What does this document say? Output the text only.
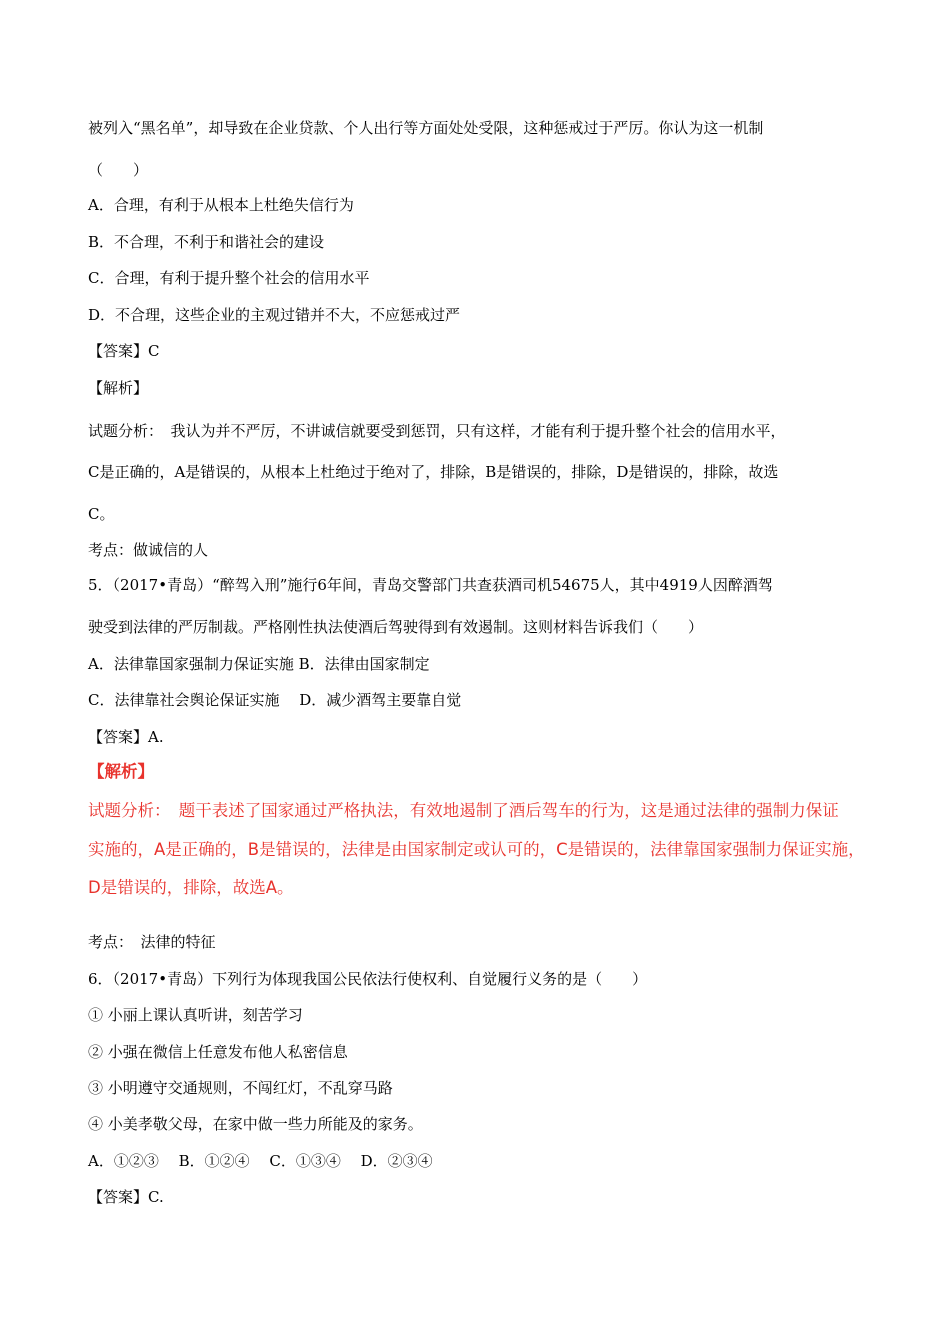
被列入“黑名单”，却导致在企业贷款、个人出行等方面处处受限，这种惩戒过于严厉。你认为这一机制
（　　）
A．合理，有利于从根本上杜绝失信行为
B．不合理，不利于和谐社会的建设
C．合理，有利于提升整个社会的信用水平
D．不合理，这些企业的主观过错并不大，不应惩戒过严
【答案】C
【解析】
试题分析：　我认为并不严厉，不讲诚信就要受到惩罚，只有这样，才能有利于提升整个社会的信用水平，
C是正确的，A是错误的，从根本上杜绝过于绝对了，排除，B是错误的，排除，D是错误的，排除，故选
C。
考点：做诚信的人
5．（2017•青岛）“醉驾入刑”施行6年间，青岛交警部门共查获酒司机54675人，其中4919人因醉酒驾
驶受到法律的严厉制裁。严格刚性执法使酒后驾驶得到有效遏制。这则材料告诉我们（　　）
A．法律靠国家强制力保证实施 B．法律由国家制定
C．法律靠社会舆论保证实施　 D．减少酒驾主要靠自觉
【答案】A.
【解析】
试题分析：　题干表述了国家通过严格执法，有效地遏制了酒后驾车的行为，这是通过法律的强制力保证
实施的，A是正确的，B是错误的，法律是由国家制定或认可的，C是错误的，法律靠国家强制力保证实施，
D是错误的，排除，故选A。
考点：　法律的特征
6．（2017•青岛）下列行为体现我国公民依法行使权利、自觉履行义务的是（　　）
① 小丽上课认真听讲，刻苦学习
② 小强在微信上任意发布他人私密信息
③ 小明遵守交通规则，不闯红灯，不乱穿马路
④ 小美孝敬父母，在家中做一些力所能及的家务。
A．①②③　 B．①②④　 C．①③④　 D．②③④
【答案】C.
